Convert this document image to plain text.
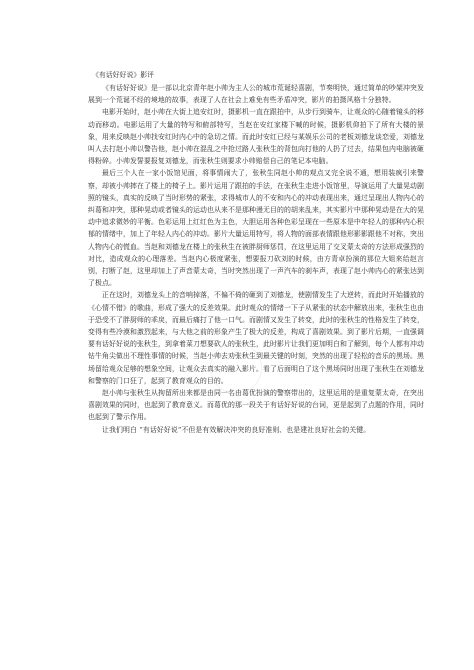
《有话好好说》影评

《有话好好说》是一部以北京青年赵小帅为主人公的城市荒诞轻喜剧，节奏明快，通过简单的吵架冲突发展到一个荒诞不经的境地的故事，表现了人在社会上难免有些矛盾冲突，影片的拍摄风格十分独特。

电影开始时，赵小帅在大街上追安红时，摄影机一直在跟拍中，从步行到骑车，让观众的心随着镜头的移动而移动。电影运用了大量的特写和俯部特写，当赵在安红家楼下喊的时候，摄影机仰拍下了所有大楼的景象，用来反映赵小帅找安红时内心中的急切之情。而此时安红已经与某娱乐公司的老板刘德龙谈恋爱，刘德龙叫人去打赵小帅以警告他，赵小帅在混乱之中抢过路人张秋生的背包向打他的人扔了过去，结果包内电脑被砸得粉碎。小帅发誓要报复刘德龙，而张秋生则要求小帅赔偿自己的笔记本电脑。

最后三个人在一家小饭馆见面，将事情闹大了，张秋生同赵小帅的观点又完全说不通，想用装疯引来警察，却被小帅摔在了楼上的椅子上。影片运用了跟拍的手法，在张秋生走进小饭馆里，导演运用了大量晃动剧照的镜头，真实的反映了当时形势的紧张，求得城市人的不安和内心的冲动表现出来，通过呈现出人物内心的纠葛和冲突，那种晃动或者镜头的运动也从来不是那种漫无目的的胡来乱来，其实影片中那种晃动是在大的晃动中追求微妙的平衡。色彩运用上红红色为主色，大胆运用各种色彩呈现在一些原本是中年轻人的那种内心积郁的情绪中，加上了年轻人内心的冲动。影片大量运用特写，将人物的面部表情跟他形影影跟他不对称，突出人物内心的慌血。当赵和刘德龙在楼上的张秋生在被胖厨师惩罚，在这里运用了交叉蒙太奇的方法形成强烈的对比，造成观众的心理落差。当赵内心极度紧张，想要报刀砍刘的时候，由方青卓扮演的那位大姐来给赵言别，打断了赵，这里却加上了声音蒙太奇，当时突然出现了一声汽车的刹车声，表现了赵小帅内心的紧张达到了极点。

正在这时，刘德龙头上的音响掉落，不偏不倚的砸到了刘德龙，使剧情发生了大逆转，而此时开始播放的《心情不错》的歌曲，形成了强大的反差效果。此时观众的情绪一下子从紧张的状态中解放出来，张秋生也由于恐受不了胖厨师的乖戾，而最后痛打了他一口气。而剧情又发生了转变，此时的张秋生的性格发生了转变，变得有些冷漠和激烈起来，与大他之前的形象产生了极大的反差，构成了喜剧效果。到了影片后期，一直强调要有话好好说的张秋生，到拿着菜刀想要砍人的张秋生，此时影片让我们更加明白和了解到，每个人都有冲动钻牛角尖做出不理性事情的时候，当赵小帅去劝张秋生到最关键的时刻，突然的出现了轻松的音乐的黑场。黑场留给观众足够的想象空间，让观众去真实的融入影片。看了后面明白了这个黑场同时出现了张秋生在刘德龙和警察的门口狂了，起到了教育观众的目的。

赵小帅与张秋生从拘留所出来都是由同一名由葛优扮演的警察带出的，这里运用的是重复蒙太奇，在突出喜剧效果的同时，也起到了教育意义。而葛优的那一段关于有话好好说的台词，更是起到了点题的作用，同时也起到了警示作用。

让我们明白 “有话好好说”不但是有效解决冲突的良好准则、也是建社良好社会的关键。
